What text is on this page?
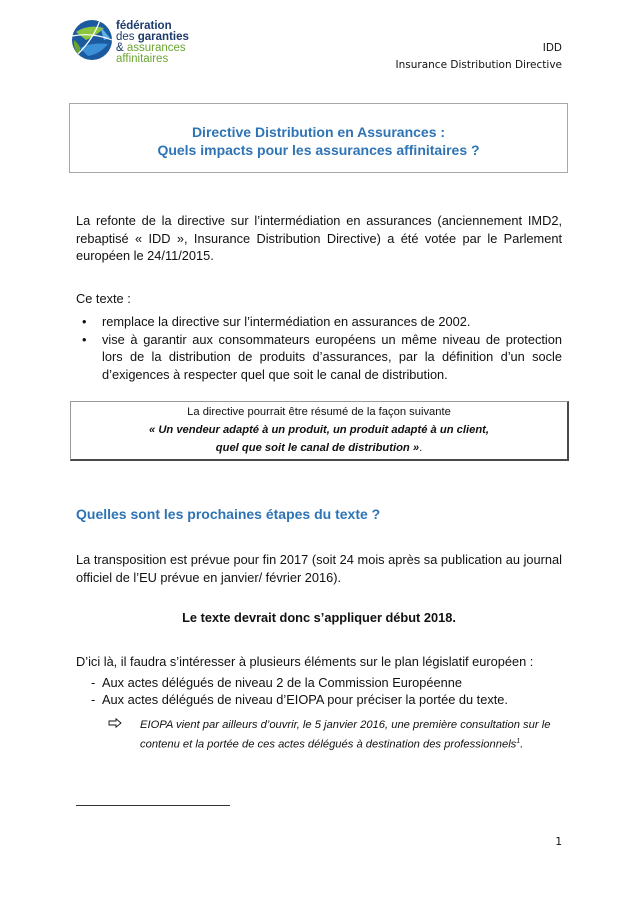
fédération
des garanties
& assurances
affinitaires
IDD
Insurance Distribution Directive
Directive Distribution en Assurances :
Quels impacts pour les assurances affinitaires ?
La refonte de la directive sur l’intermédiation en assurances (anciennement IMD2, rebaptisé « IDD », Insurance Distribution Directive) a été votée par le Parlement européen le 24/11/2015.
Ce texte :
• remplace la directive sur l’intermédiation en assurances de 2002.
• vise à garantir aux consommateurs européens un même niveau de protection lors de la distribution de produits d’assurances, par la définition d’un socle d’exigences à respecter quel que soit le canal de distribution.
La directive pourrait être résumé de la façon suivante
« Un vendeur adapté à un produit, un produit adapté à un client,
quel que soit le canal de distribution ».
Quelles sont les prochaines étapes du texte ?
La transposition est prévue pour fin 2017 (soit 24 mois après sa publication au journal officiel de l’EU prévue en janvier/ février 2016).
Le texte devrait donc s’appliquer début 2018.
D’ici là, il faudra s’intéresser à plusieurs éléments sur le plan législatif européen :
- Aux actes délégués de niveau 2 de la Commission Européenne
- Aux actes délégués de niveau d’EIOPA pour préciser la portée du texte.
EIOPA vient par ailleurs d’ouvrir, le 5 janvier 2016, une première consultation sur le contenu et la portée de ces actes délégués à destination des professionnels$^1$.
1
